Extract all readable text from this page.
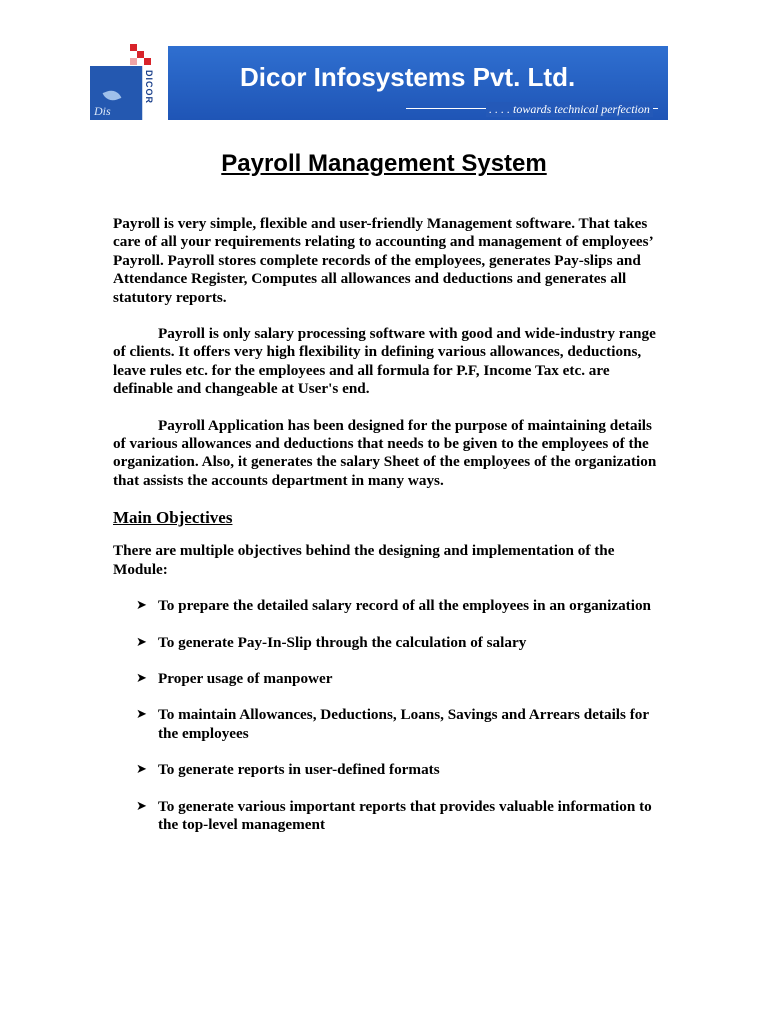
Dis
DICOR	Dicor Infosystems Pvt. Ltd.
. . . . towards technical perfection
Payroll Management System

Payroll is very simple, flexible and user-friendly Management software. That takes care of all your requirements relating to accounting and management of employees’ Payroll. Payroll stores complete records of the employees, generates Pay-slips and Attendance Register, Computes all allowances and deductions and generates all statutory reports.

Payroll is only salary processing software with good and wide-industry range of clients. It offers very high flexibility in defining various allowances, deductions, leave rules etc. for the employees and all formula for P.F, Income Tax etc. are definable and changeable at User's end.

Payroll Application has been designed for the purpose of maintaining details of various allowances and deductions that needs to be given to the employees of the organization. Also, it generates the salary Sheet of the employees of the organization that assists the accounts department in many ways.

Main Objectives

There are multiple objectives behind the designing and implementation of the Module:

➤ To prepare the detailed salary record of all the employees in an organization
➤ To generate Pay-In-Slip through the calculation of salary
➤ Proper usage of manpower
➤ To maintain Allowances, Deductions, Loans, Savings and Arrears details for the employees
➤ To generate reports in user-defined formats
➤ To generate various important reports that provides valuable information to the top-level management
